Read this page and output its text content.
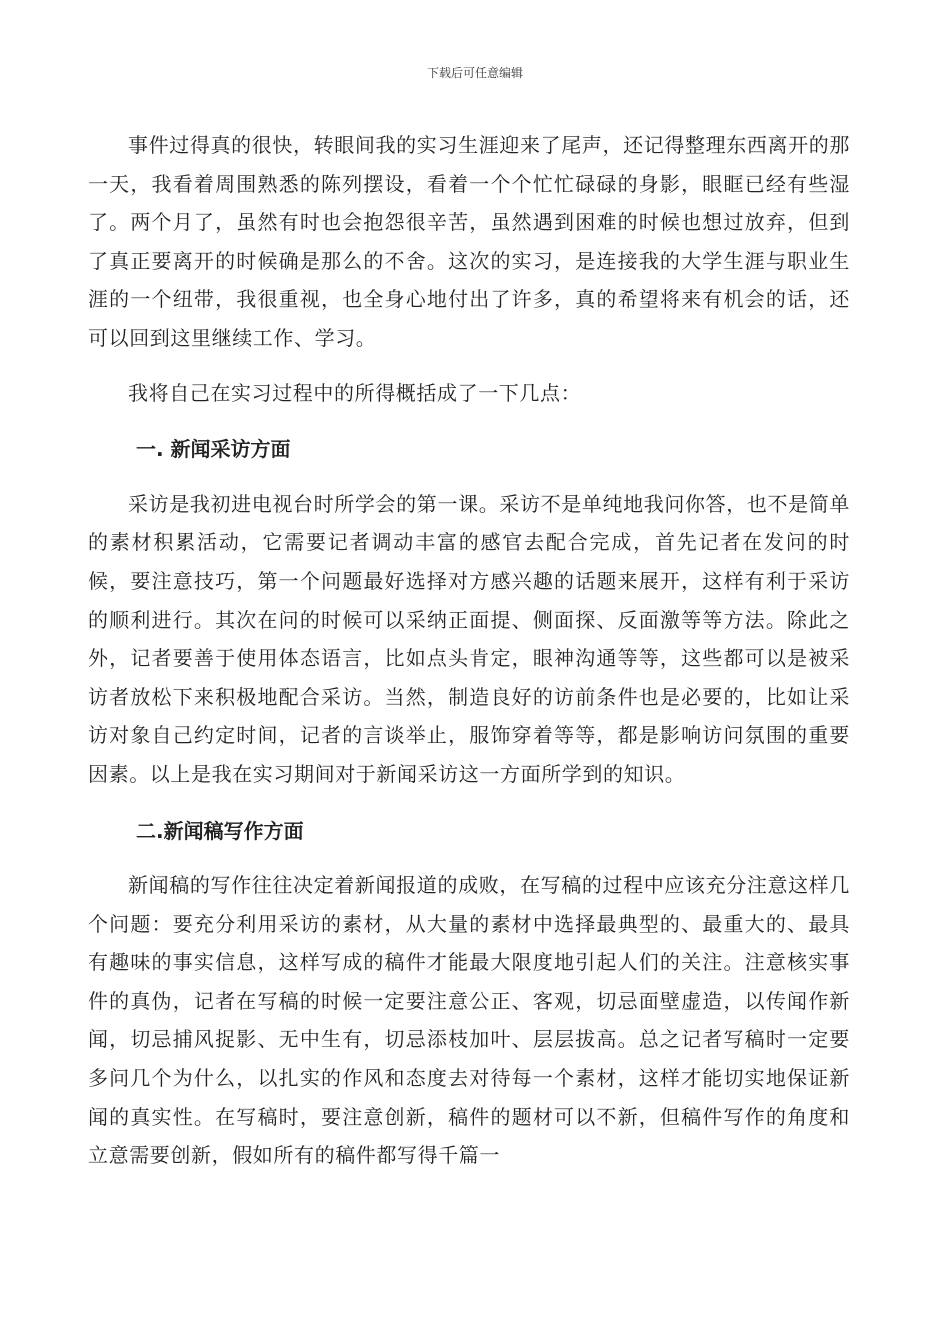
下载后可任意编辑

事件过得真的很快，转眼间我的实习生涯迎来了尾声，还记得整理东西离开的那一天，我看着周围熟悉的陈列摆设，看着一个个忙忙碌碌的身影，眼眶已经有些湿了。两个月了，虽然有时也会抱怨很辛苦，虽然遇到困难的时候也想过放弃，但到了真正要离开的时候确是那么的不舍。这次的实习，是连接我的大学生涯与职业生涯的一个纽带，我很重视，也全身心地付出了许多，真的希望将来有机会的话，还可以回到这里继续工作、学习。

我将自己在实习过程中的所得概括成了一下几点：

一. 新闻采访方面

采访是我初进电视台时所学会的第一课。采访不是单纯地我问你答，也不是简单的素材积累活动，它需要记者调动丰富的感官去配合完成，首先记者在发问的时候，要注意技巧，第一个问题最好选择对方感兴趣的话题来展开，这样有利于采访的顺利进行。其次在问的时候可以采纳正面提、侧面探、反面激等等方法。除此之外，记者要善于使用体态语言，比如点头肯定，眼神沟通等等，这些都可以是被采访者放松下来积极地配合采访。当然，制造良好的访前条件也是必要的，比如让采访对象自己约定时间，记者的言谈举止，服饰穿着等等，都是影响访问氛围的重要因素。以上是我在实习期间对于新闻采访这一方面所学到的知识。

二.新闻稿写作方面

新闻稿的写作往往决定着新闻报道的成败，在写稿的过程中应该充分注意这样几个问题：要充分利用采访的素材，从大量的素材中选择最典型的、最重大的、最具有趣味的事实信息，这样写成的稿件才能最大限度地引起人们的关注。注意核实事件的真伪，记者在写稿的时候一定要注意公正、客观，切忌面壁虚造，以传闻作新闻，切忌捕风捉影、无中生有，切忌添枝加叶、层层拔高。总之记者写稿时一定要多问几个为什么，以扎实的作风和态度去对待每一个素材，这样才能切实地保证新闻的真实性。在写稿时，要注意创新，稿件的题材可以不新，但稿件写作的角度和立意需要创新，假如所有的稿件都写得千篇一
